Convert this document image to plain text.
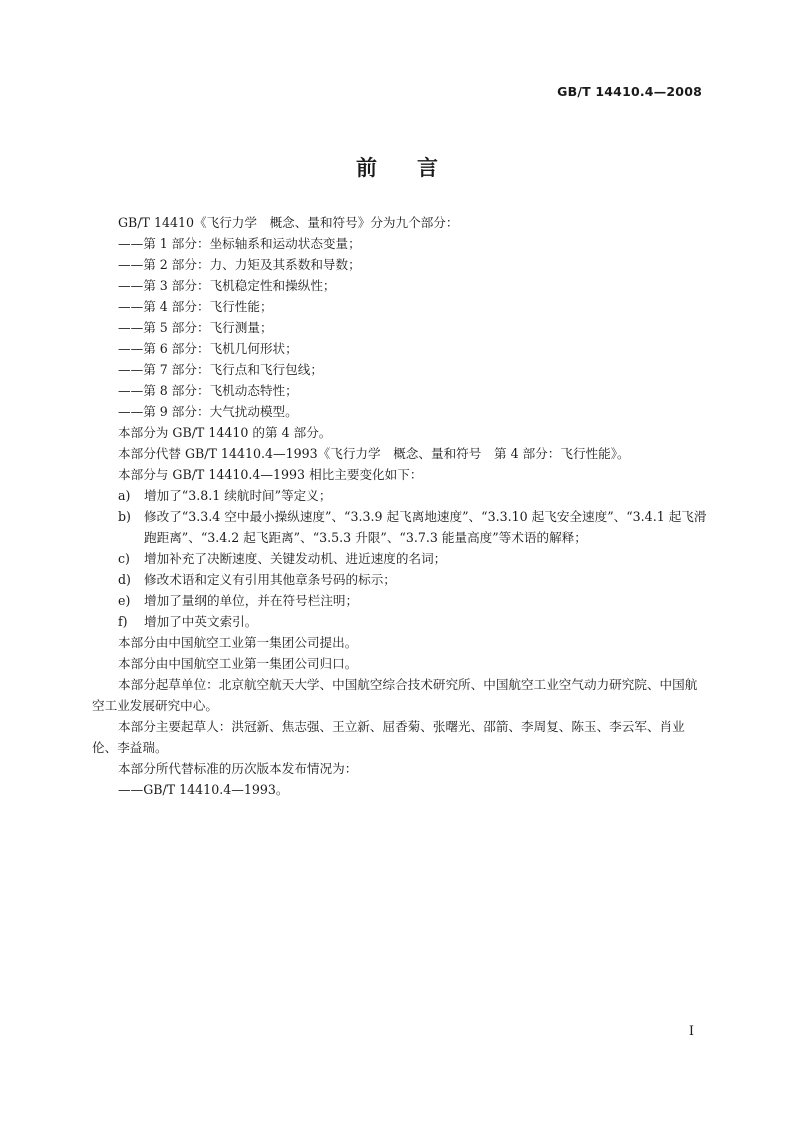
GB/T 14410.4—2008
前言

GB/T 14410《飞行力学　概念、量和符号》分为九个部分：

——第 1 部分：坐标轴系和运动状态变量；

——第 2 部分：力、力矩及其系数和导数；

——第 3 部分：飞机稳定性和操纵性；

——第 4 部分：飞行性能；

——第 5 部分：飞行测量；

——第 6 部分：飞机几何形状；

——第 7 部分：飞行点和飞行包线；

——第 8 部分：飞机动态特性；

——第 9 部分：大气扰动模型。

本部分为 GB/T 14410 的第 4 部分。

本部分代替 GB/T 14410.4—1993《飞行力学　概念、量和符号　第 4 部分：飞行性能》。

本部分与 GB/T 14410.4—1993 相比主要变化如下：

a)	增加了“3.8.1 续航时间”等定义；
b)	修改了“3.3.4 空中最小操纵速度”、“3.3.9 起飞离地速度”、“3.3.10 起飞安全速度”、“3.4.1 起飞滑跑距离”、“3.4.2 起飞距离”、“3.5.3 升限”、“3.7.3 能量高度”等术语的解释；
c)	增加补充了决断速度、关键发动机、进近速度的名词；
d)	修改术语和定义有引用其他章条号码的标示；
e)	增加了量纲的单位，并在符号栏注明；
f)	增加了中英文索引。

本部分由中国航空工业第一集团公司提出。

本部分由中国航空工业第一集团公司归口。

本部分起草单位：北京航空航天大学、中国航空综合技术研究所、中国航空工业空气动力研究院、中国航空工业发展研究中心。

本部分主要起草人：洪冠新、焦志强、王立新、屈香菊、张曙光、邵箭、李周复、陈玉、李云军、肖业伦、李益瑞。

本部分所代替标准的历次版本发布情况为：

——GB/T 14410.4—1993。

I
